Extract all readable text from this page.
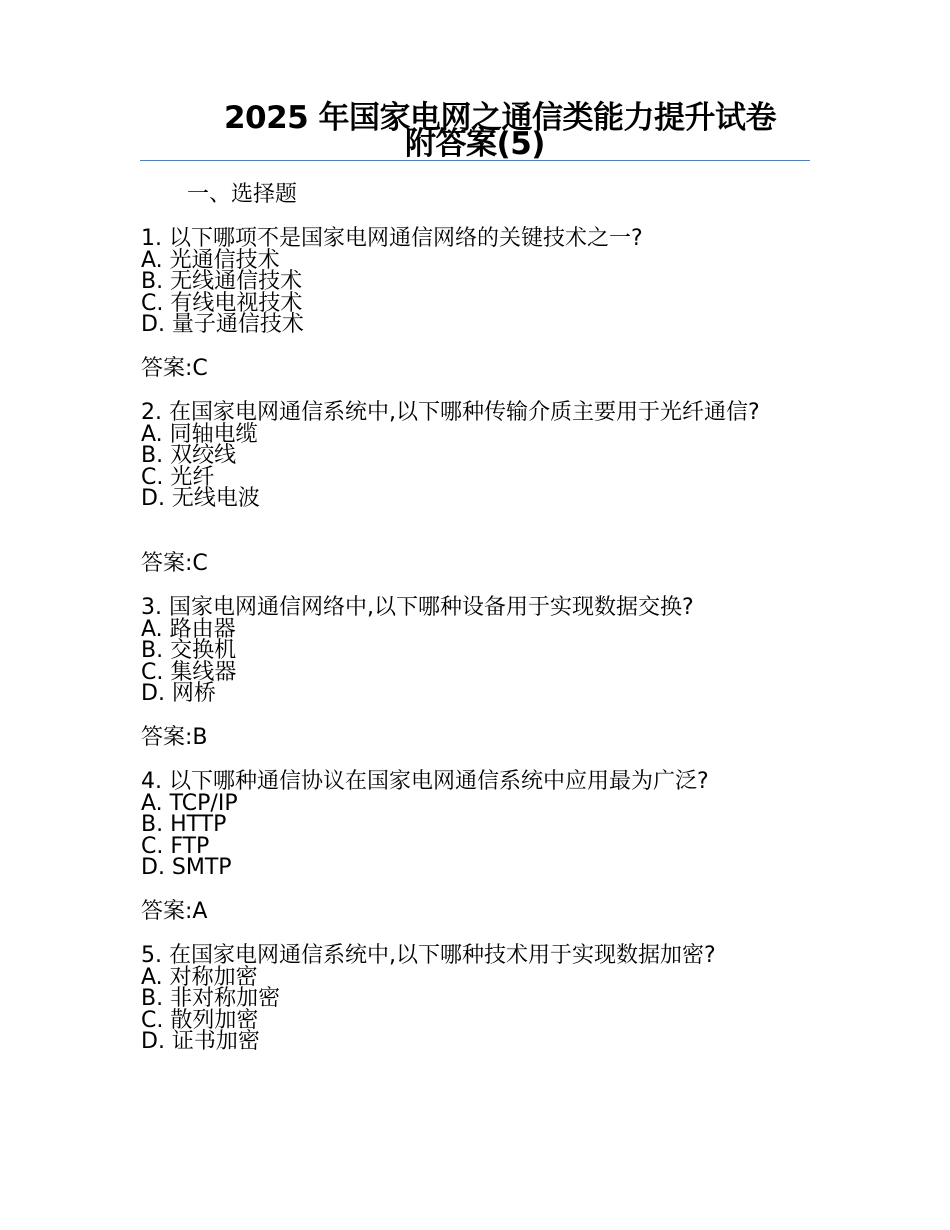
2025 年国家电网之通信类能力提升试卷
附答案(5)
一、选择题
1. 以下哪项不是国家电网通信网络的关键技术之一?
A. 光通信技术
B. 无线通信技术
C. 有线电视技术
D. 量子通信技术
答案:C
2. 在国家电网通信系统中,以下哪种传输介质主要用于光纤通信?
A. 同轴电缆
B. 双绞线
C. 光纤
D. 无线电波
答案:C
3. 国家电网通信网络中,以下哪种设备用于实现数据交换?
A. 路由器
B. 交换机
C. 集线器
D. 网桥
答案:B
4. 以下哪种通信协议在国家电网通信系统中应用最为广泛?
A. TCP/IP
B. HTTP
C. FTP
D. SMTP
答案:A
5. 在国家电网通信系统中,以下哪种技术用于实现数据加密?
A. 对称加密
B. 非对称加密
C. 散列加密
D. 证书加密
